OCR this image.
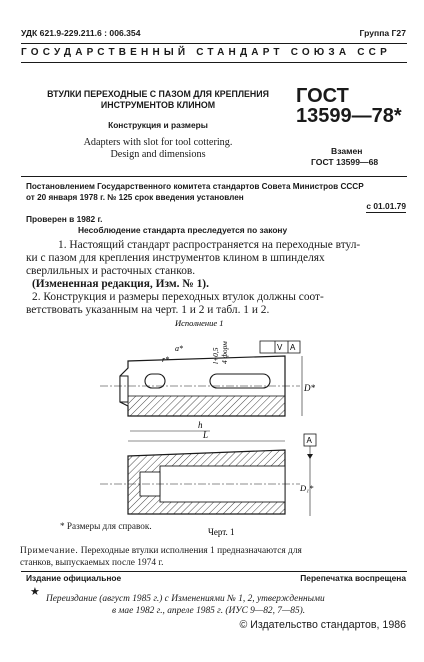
УДК 621.9-229.211.6 : 006.354	Группа Г27
ГОСУДАРСТВЕННЫЙ СТАНДАРТ СОЮЗА ССР
ВТУЛКИ ПЕРЕХОДНЫЕ С ПАЗОМ ДЛЯ КРЕПЛЕНИЯ
ИНСТРУМЕНТОВ КЛИНОМ
Конструкция и размеры
Adapters with slot for tool cottering.
Design and dimensions
ГОСТ
13599—78*
Взамен
ГОСТ 13599—68
Постановлением Государственного комитета стандартов Совета Министров СССР
от 20 января 1978 г. № 125 срок введения установлен
с 01.01.79
Проверен в 1982 г.
Несоблюдение стандарта преследуется по закону

1. Настоящий стандарт распространяется на переходные втул-

ки с пазом для крепления инструментов клином в шпинделях

сверлильных и расточных станков.

(Измененная редакция, Изм. № 1).

2. Конструкция и размеры переходных втулок должны соот-

ветствовать указанным на черт. 1 и 2 и табл. 1 и 2.

Исполнение 1
h
L
D*
a*
r*	l+0,5 4 форм	V A
A
D₁*
Черт. 1
* Размеры для справок.
Примечание. Переходные втулки исполнения 1 предназначаются для
станков, выпускаемых после 1974 г.
Издание официальное	Перепечатка воспрещена
★
Переиздание (август 1985 г.) с Изменениями № 1, 2, утвержденными
в мае 1982 г., апреле 1985 г. (ИУС 9—82, 7—85).
© Издательство стандартов, 1986
